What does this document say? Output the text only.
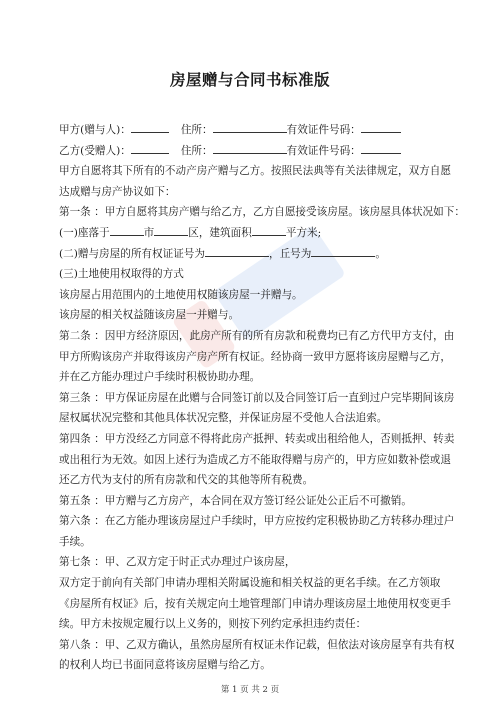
房屋赠与合同书标准版
甲方(赠与人)：	住所：	有效证件号码：
乙方(受赠人)：	住所：	有效证件号码：
甲方自愿将其下所有的不动产房产赠与乙方。按照民法典等有关法律规定，双方自愿
达成赠与房产协议如下：
第一条 ：甲方自愿将其房产赠与给乙方，乙方自愿接受该房屋。该房屋具体状况如下：
(一)座落于	市	区，建筑面积	平方米;
(二)赠与房屋的所有权证证号为	，丘号为	。
(三)土地使用权取得的方式
该房屋占用范围内的土地使用权随该房屋一并赠与。
该房屋的相关权益随该房屋一并赠与。
第二条 ：因甲方经济原因，此房产所有的所有房款和税费均已有乙方代甲方支付，由
甲方所购该房产并取得该房产房产所有权证。经协商一致甲方愿将该房屋赠与乙方，
并在乙方能办理过户手续时积极协助办理。
第三条 ：甲方保证房屋在此赠与合同签订前以及合同签订后一直到过户完毕期间该房
屋权属状况完整和其他具体状况完整，并保证房屋不受他人合法追索。
第四条 ：甲方没经乙方同意不得将此房产抵押、转卖或出租给他人，否则抵押、转卖
或出租行为无效。如因上述行为造成乙方不能取得赠与房产的，甲方应如数补偿或退
还乙方代为支付的所有房款和代交的其他等所有税费。
第五条 ：甲方赠与乙方房产，本合同在双方签订经公证处公正后不可撤销。
第六条 ：在乙方能办理该房屋过户手续时，甲方应按约定积极协助乙方转移办理过户
手续。
第七条 ：甲、乙双方定于时正式办理过户该房屋，
双方定于前向有关部门申请办理相关附属设施和相关权益的更名手续。在乙方领取
《房屋所有权证》后，按有关规定向土地管理部门申请办理该房屋土地使用权变更手
续。甲方未按规定履行以上义务的，则按下列约定承担违约责任：
第八条 ：甲、乙双方确认，虽然房屋所有权证未作记载，但依法对该房屋享有共有权
的权利人均已书面同意将该房屋赠与给乙方。
第 1 页 共 2 页
